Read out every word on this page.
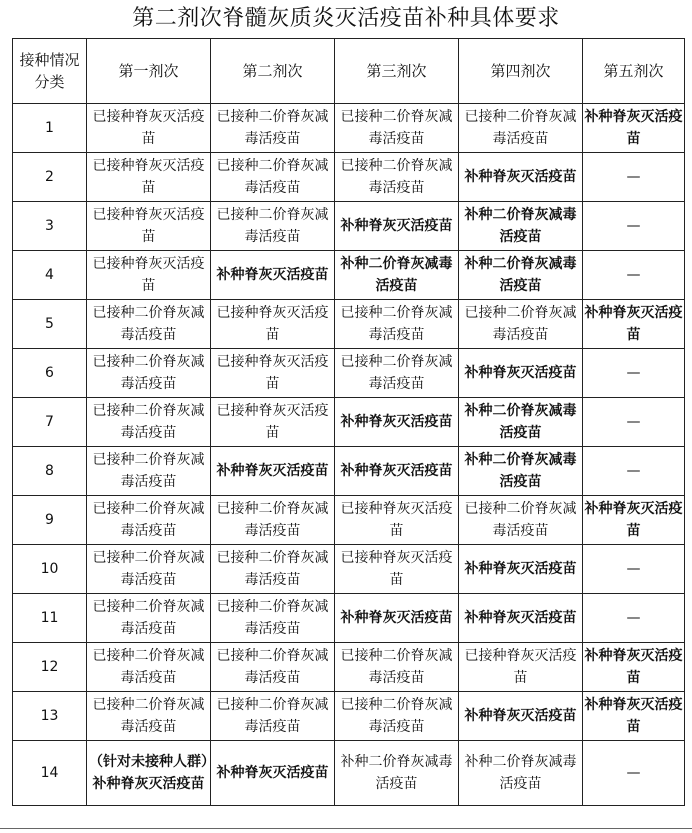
第二剂次脊髓灰质炎灭活疫苗补种具体要求
接种情况分类	第一剂次	第二剂次	第三剂次	第四剂次	第五剂次
1	已接种脊灰灭活疫苗	已接种二价脊灰减毒活疫苗	已接种二价脊灰减毒活疫苗	已接种二价脊灰减毒活疫苗	补种脊灰灭活疫苗
2	已接种脊灰灭活疫苗	已接种二价脊灰减毒活疫苗	已接种二价脊灰减毒活疫苗	补种脊灰灭活疫苗	—
3	已接种脊灰灭活疫苗	已接种二价脊灰减毒活疫苗	补种脊灰灭活疫苗	补种二价脊灰减毒活疫苗	—
4	已接种脊灰灭活疫苗	补种脊灰灭活疫苗	补种二价脊灰减毒活疫苗	补种二价脊灰减毒活疫苗	—
5	已接种二价脊灰减毒活疫苗	已接种脊灰灭活疫苗	已接种二价脊灰减毒活疫苗	已接种二价脊灰减毒活疫苗	补种脊灰灭活疫苗
6	已接种二价脊灰减毒活疫苗	已接种脊灰灭活疫苗	已接种二价脊灰减毒活疫苗	补种脊灰灭活疫苗	—
7	已接种二价脊灰减毒活疫苗	已接种脊灰灭活疫苗	补种脊灰灭活疫苗	补种二价脊灰减毒活疫苗	—
8	已接种二价脊灰减毒活疫苗	补种脊灰灭活疫苗	补种脊灰灭活疫苗	补种二价脊灰减毒活疫苗	—
9	已接种二价脊灰减毒活疫苗	已接种二价脊灰减毒活疫苗	已接种脊灰灭活疫苗	已接种二价脊灰减毒活疫苗	补种脊灰灭活疫苗
10	已接种二价脊灰减毒活疫苗	已接种二价脊灰减毒活疫苗	已接种脊灰灭活疫苗	补种脊灰灭活疫苗	—
11	已接种二价脊灰减毒活疫苗	已接种二价脊灰减毒活疫苗	补种脊灰灭活疫苗	补种脊灰灭活疫苗	—
12	已接种二价脊灰减毒活疫苗	已接种二价脊灰减毒活疫苗	已接种二价脊灰减毒活疫苗	已接种脊灰灭活疫苗	补种脊灰灭活疫苗
13	已接种二价脊灰减毒活疫苗	已接种二价脊灰减毒活疫苗	已接种二价脊灰减毒活疫苗	补种脊灰灭活疫苗	补种脊灰灭活疫苗
14	（针对未接种人群）补种脊灰灭活疫苗	补种脊灰灭活疫苗	补种二价脊灰减毒活疫苗	补种二价脊灰减毒活疫苗	—
